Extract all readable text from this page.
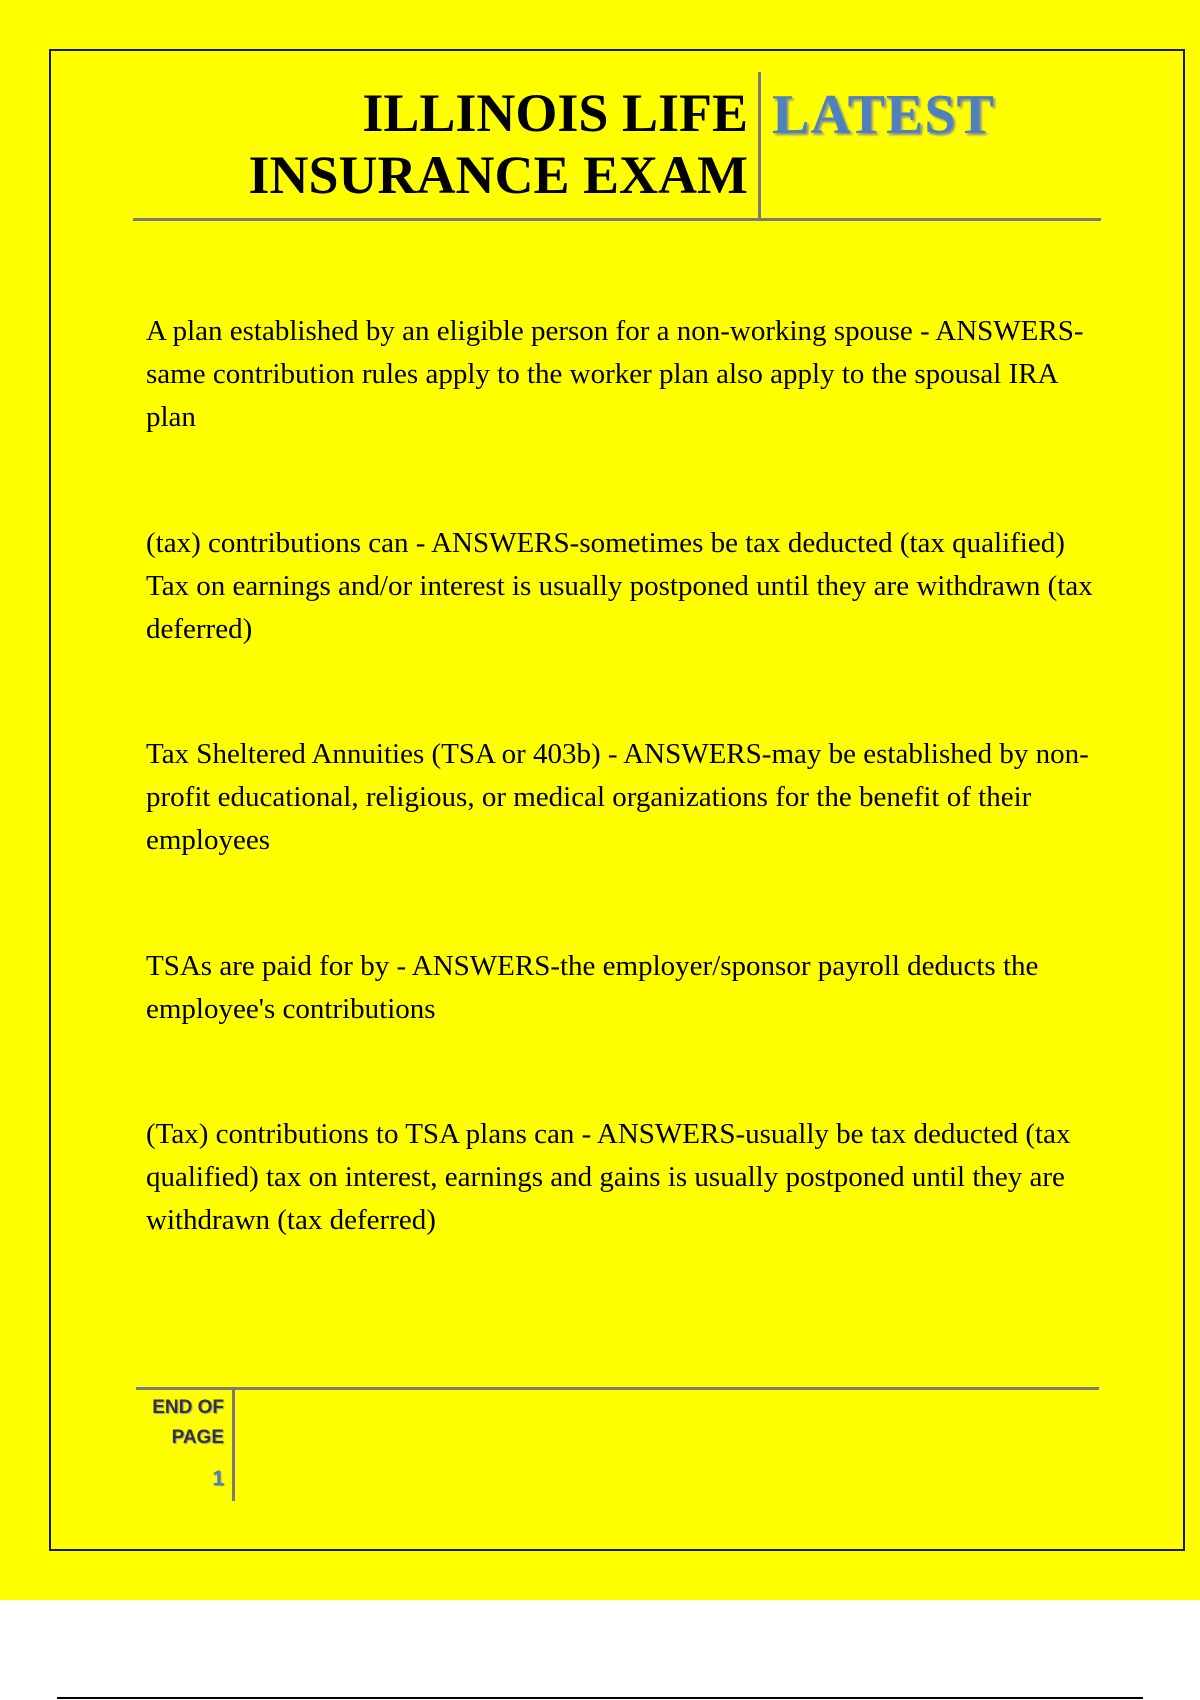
ILLINOIS LIFE
INSURANCE EXAM
LATEST
A plan established by an eligible person for a non-working spouse - ANSWERS-same contribution rules apply to the worker plan also apply to the spousal IRA plan
(tax) contributions can - ANSWERS-sometimes be tax deducted (tax qualified) Tax on earnings and/or interest is usually postponed until they are withdrawn (tax deferred)
Tax Sheltered Annuities (TSA or 403b) - ANSWERS-may be established by non-profit educational, religious, or medical organizations for the benefit of their employees
TSAs are paid for by - ANSWERS-the employer/sponsor payroll deducts the employee's contributions
(Tax) contributions to TSA plans can - ANSWERS-usually be tax deducted (tax qualified) tax on interest, earnings and gains is usually postponed until they are withdrawn (tax deferred)
END OF
PAGE
1
